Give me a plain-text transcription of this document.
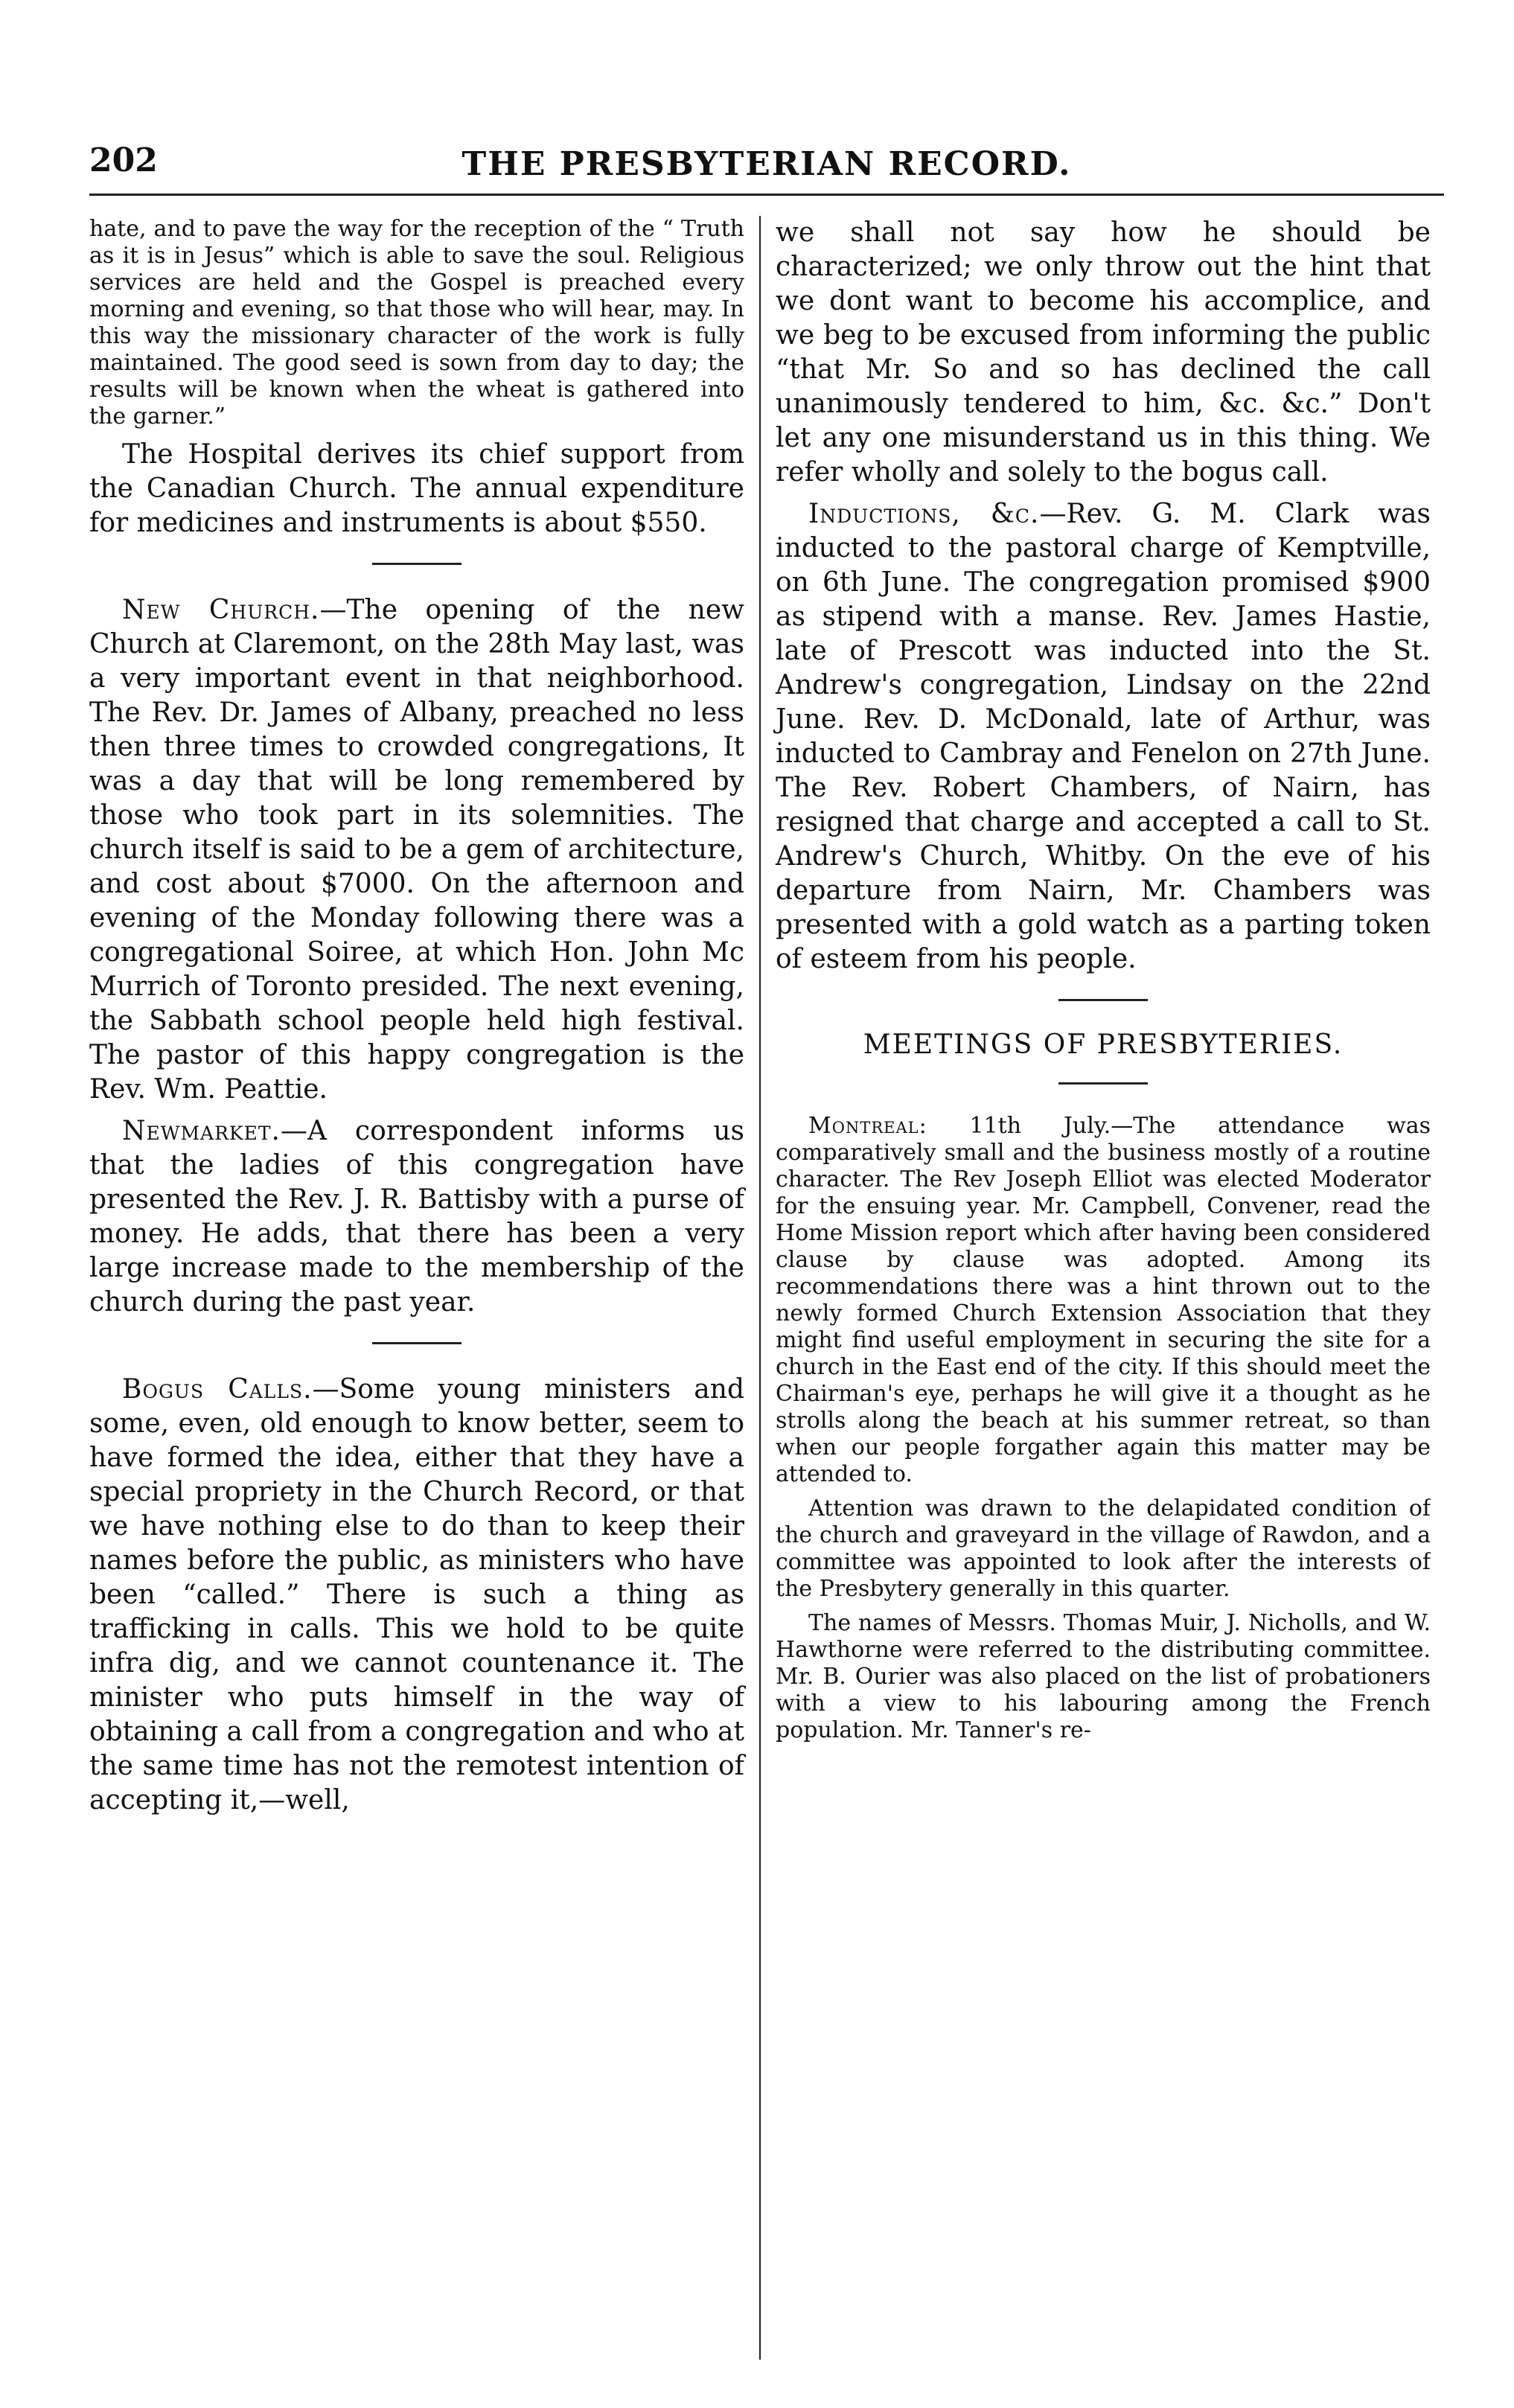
202	THE PRESBYTERIAN RECORD.

hate, and to pave the way for the reception of the “ Truth as it is in Jesus” which is able to save the soul. Religious services are held and the Gospel is preached every morning and evening, so that those who will hear, may. In this way the missionary character of the work is fully maintained. The good seed is sown from day to day; the results will be known when the wheat is gathered into the garner.”

The Hospital derives its chief support from the Canadian Church. The annual expenditure for medicines and instruments is about $550.

New Church.—The opening of the new Church at Claremont, on the 28th May last, was a very important event in that neighborhood. The Rev. Dr. James of Albany, preached no less then three times to crowded congregations, It was a day that will be long remembered by those who took part in its solemnities. The church itself is said to be a gem of architecture, and cost about $7000. On the afternoon and evening of the Monday following there was a congregational Soiree, at which Hon. John Mc Murrich of Toronto presided. The next evening, the Sabbath school people held high festival. The pastor of this happy congregation is the Rev. Wm. Peattie.

Newmarket.—A correspondent informs us that the ladies of this congregation have presented the Rev. J. R. Battisby with a purse of money. He adds, that there has been a very large increase made to the membership of the church during the past year.

Bogus Calls.—Some young ministers and some, even, old enough to know better, seem to have formed the idea, either that they have a special propriety in the Church Record, or that we have nothing else to do than to keep their names before the public, as ministers who have been “called.” There is such a thing as trafficking in calls. This we hold to be quite infra dig, and we cannot countenance it. The minister who puts himself in the way of obtaining a call from a congregation and who at the same time has not the remotest intention of accepting it,—well,

we shall not say how he should be characterized; we only throw out the hint that we dont want to become his accomplice, and we beg to be excused from informing the public “that Mr. So and so has declined the call unanimously tendered to him, &c. &c.” Don't let any one misunderstand us in this thing. We refer wholly and solely to the bogus call.

Inductions, &c.—Rev. G. M. Clark was inducted to the pastoral charge of Kemptville, on 6th June. The congregation promised $900 as stipend with a manse. Rev. James Hastie, late of Prescott was inducted into the St. Andrew's congregation, Lindsay on the 22nd June. Rev. D. McDonald, late of Arthur, was inducted to Cambray and Fenelon on 27th June. The Rev. Robert Chambers, of Nairn, has resigned that charge and accepted a call to St. Andrew's Church, Whitby. On the eve of his departure from Nairn, Mr. Chambers was presented with a gold watch as a parting token of esteem from his people.

MEETINGS OF PRESBYTERIES.

Montreal: 11th July.—The attendance was comparatively small and the business mostly of a routine character. The Rev Joseph Elliot was elected Moderator for the ensuing year. Mr. Campbell, Convener, read the Home Mission report which after having been considered clause by clause was adopted. Among its recommendations there was a hint thrown out to the newly formed Church Extension Association that they might find useful employment in securing the site for a church in the East end of the city. If this should meet the Chairman's eye, perhaps he will give it a thought as he strolls along the beach at his summer retreat, so than when our people forgather again this matter may be attended to.

Attention was drawn to the delapidated condition of the church and graveyard in the village of Rawdon, and a committee was appointed to look after the interests of the Presbytery generally in this quarter.

The names of Messrs. Thomas Muir, J. Nicholls, and W. Hawthorne were referred to the distributing committee. Mr. B. Ourier was also placed on the list of probationers with a view to his labouring among the French population. Mr. Tanner's re-
